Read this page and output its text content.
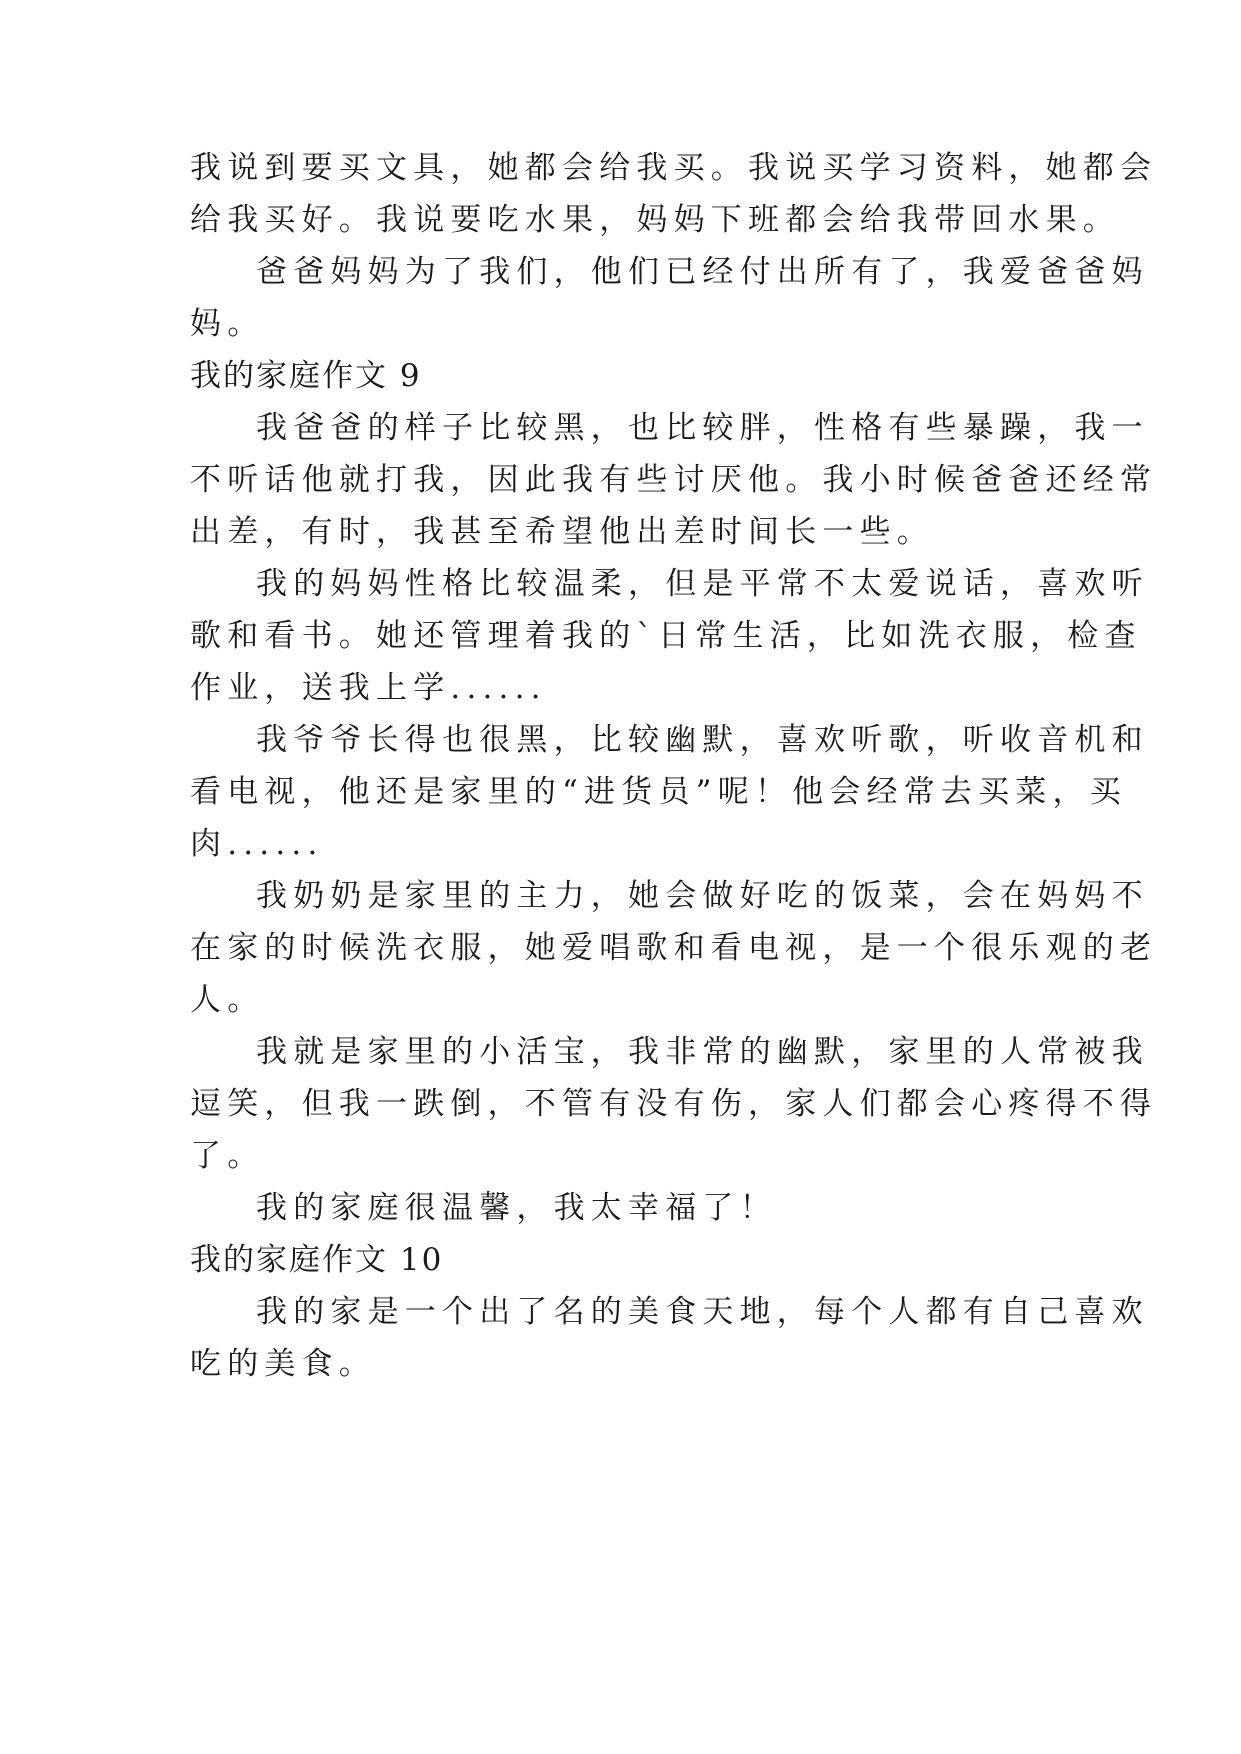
我说到要买文具，她都会给我买。我说买学习资料，她都会
给我买好。我说要吃水果，妈妈下班都会给我带回水果。
爸爸妈妈为了我们，他们已经付出所有了，我爱爸爸妈
妈。
我的家庭作文 9
我爸爸的样子比较黑，也比较胖，性格有些暴躁，我一
不听话他就打我，因此我有些讨厌他。我小时候爸爸还经常
出差，有时，我甚至希望他出差时间长一些。
我的妈妈性格比较温柔，但是平常不太爱说话，喜欢听
歌和看书。她还管理着我的`日常生活，比如洗衣服，检查
作业，送我上学......
我爷爷长得也很黑，比较幽默，喜欢听歌，听收音机和
看电视，他还是家里的“进货员”呢！他会经常去买菜，买
肉......
我奶奶是家里的主力，她会做好吃的饭菜，会在妈妈不
在家的时候洗衣服，她爱唱歌和看电视，是一个很乐观的老
人。
我就是家里的小活宝，我非常的幽默，家里的人常被我
逗笑，但我一跌倒，不管有没有伤，家人们都会心疼得不得
了。
我的家庭很温馨，我太幸福了！
我的家庭作文 10
我的家是一个出了名的美食天地，每个人都有自己喜欢
吃的美食。
